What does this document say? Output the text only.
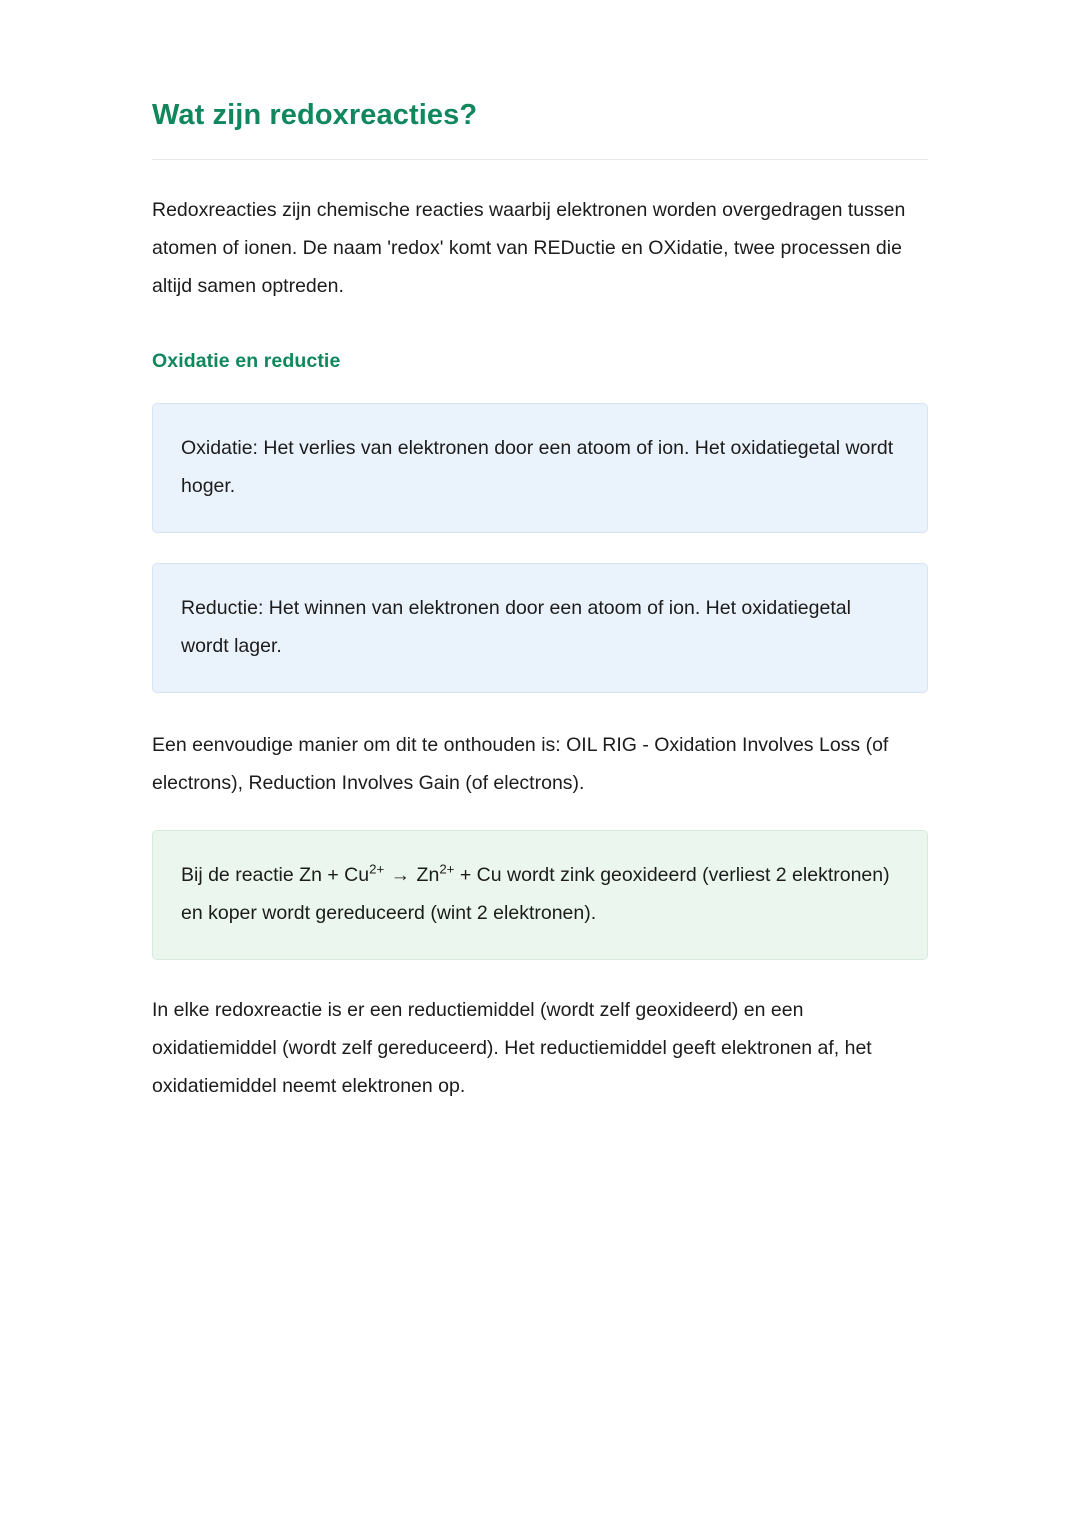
Wat zijn redoxreacties?

Redoxreacties zijn chemische reacties waarbij elektronen worden overgedragen tussen atomen of ionen. De naam 'redox' komt van REDuctie en OXidatie, twee processen die altijd samen optreden.

Oxidatie en reductie

Oxidatie: Het verlies van elektronen door een atoom of ion. Het oxidatiegetal wordt hoger.

Reductie: Het winnen van elektronen door een atoom of ion. Het oxidatiegetal wordt lager.

Een eenvoudige manier om dit te onthouden is: OIL RIG - Oxidation Involves Loss (of electrons), Reduction Involves Gain (of electrons).

Bij de reactie $Zn + Cu^{2+} \to Zn^{2+} + Cu$ wordt zink geoxideerd (verliest 2 elektronen) en koper wordt gereduceerd (wint 2 elektronen).

In elke redoxreactie is er een reductiemiddel (wordt zelf geoxideerd) en een oxidatiemiddel (wordt zelf gereduceerd). Het reductiemiddel geeft elektronen af, het oxidatiemiddel neemt elektronen op.
